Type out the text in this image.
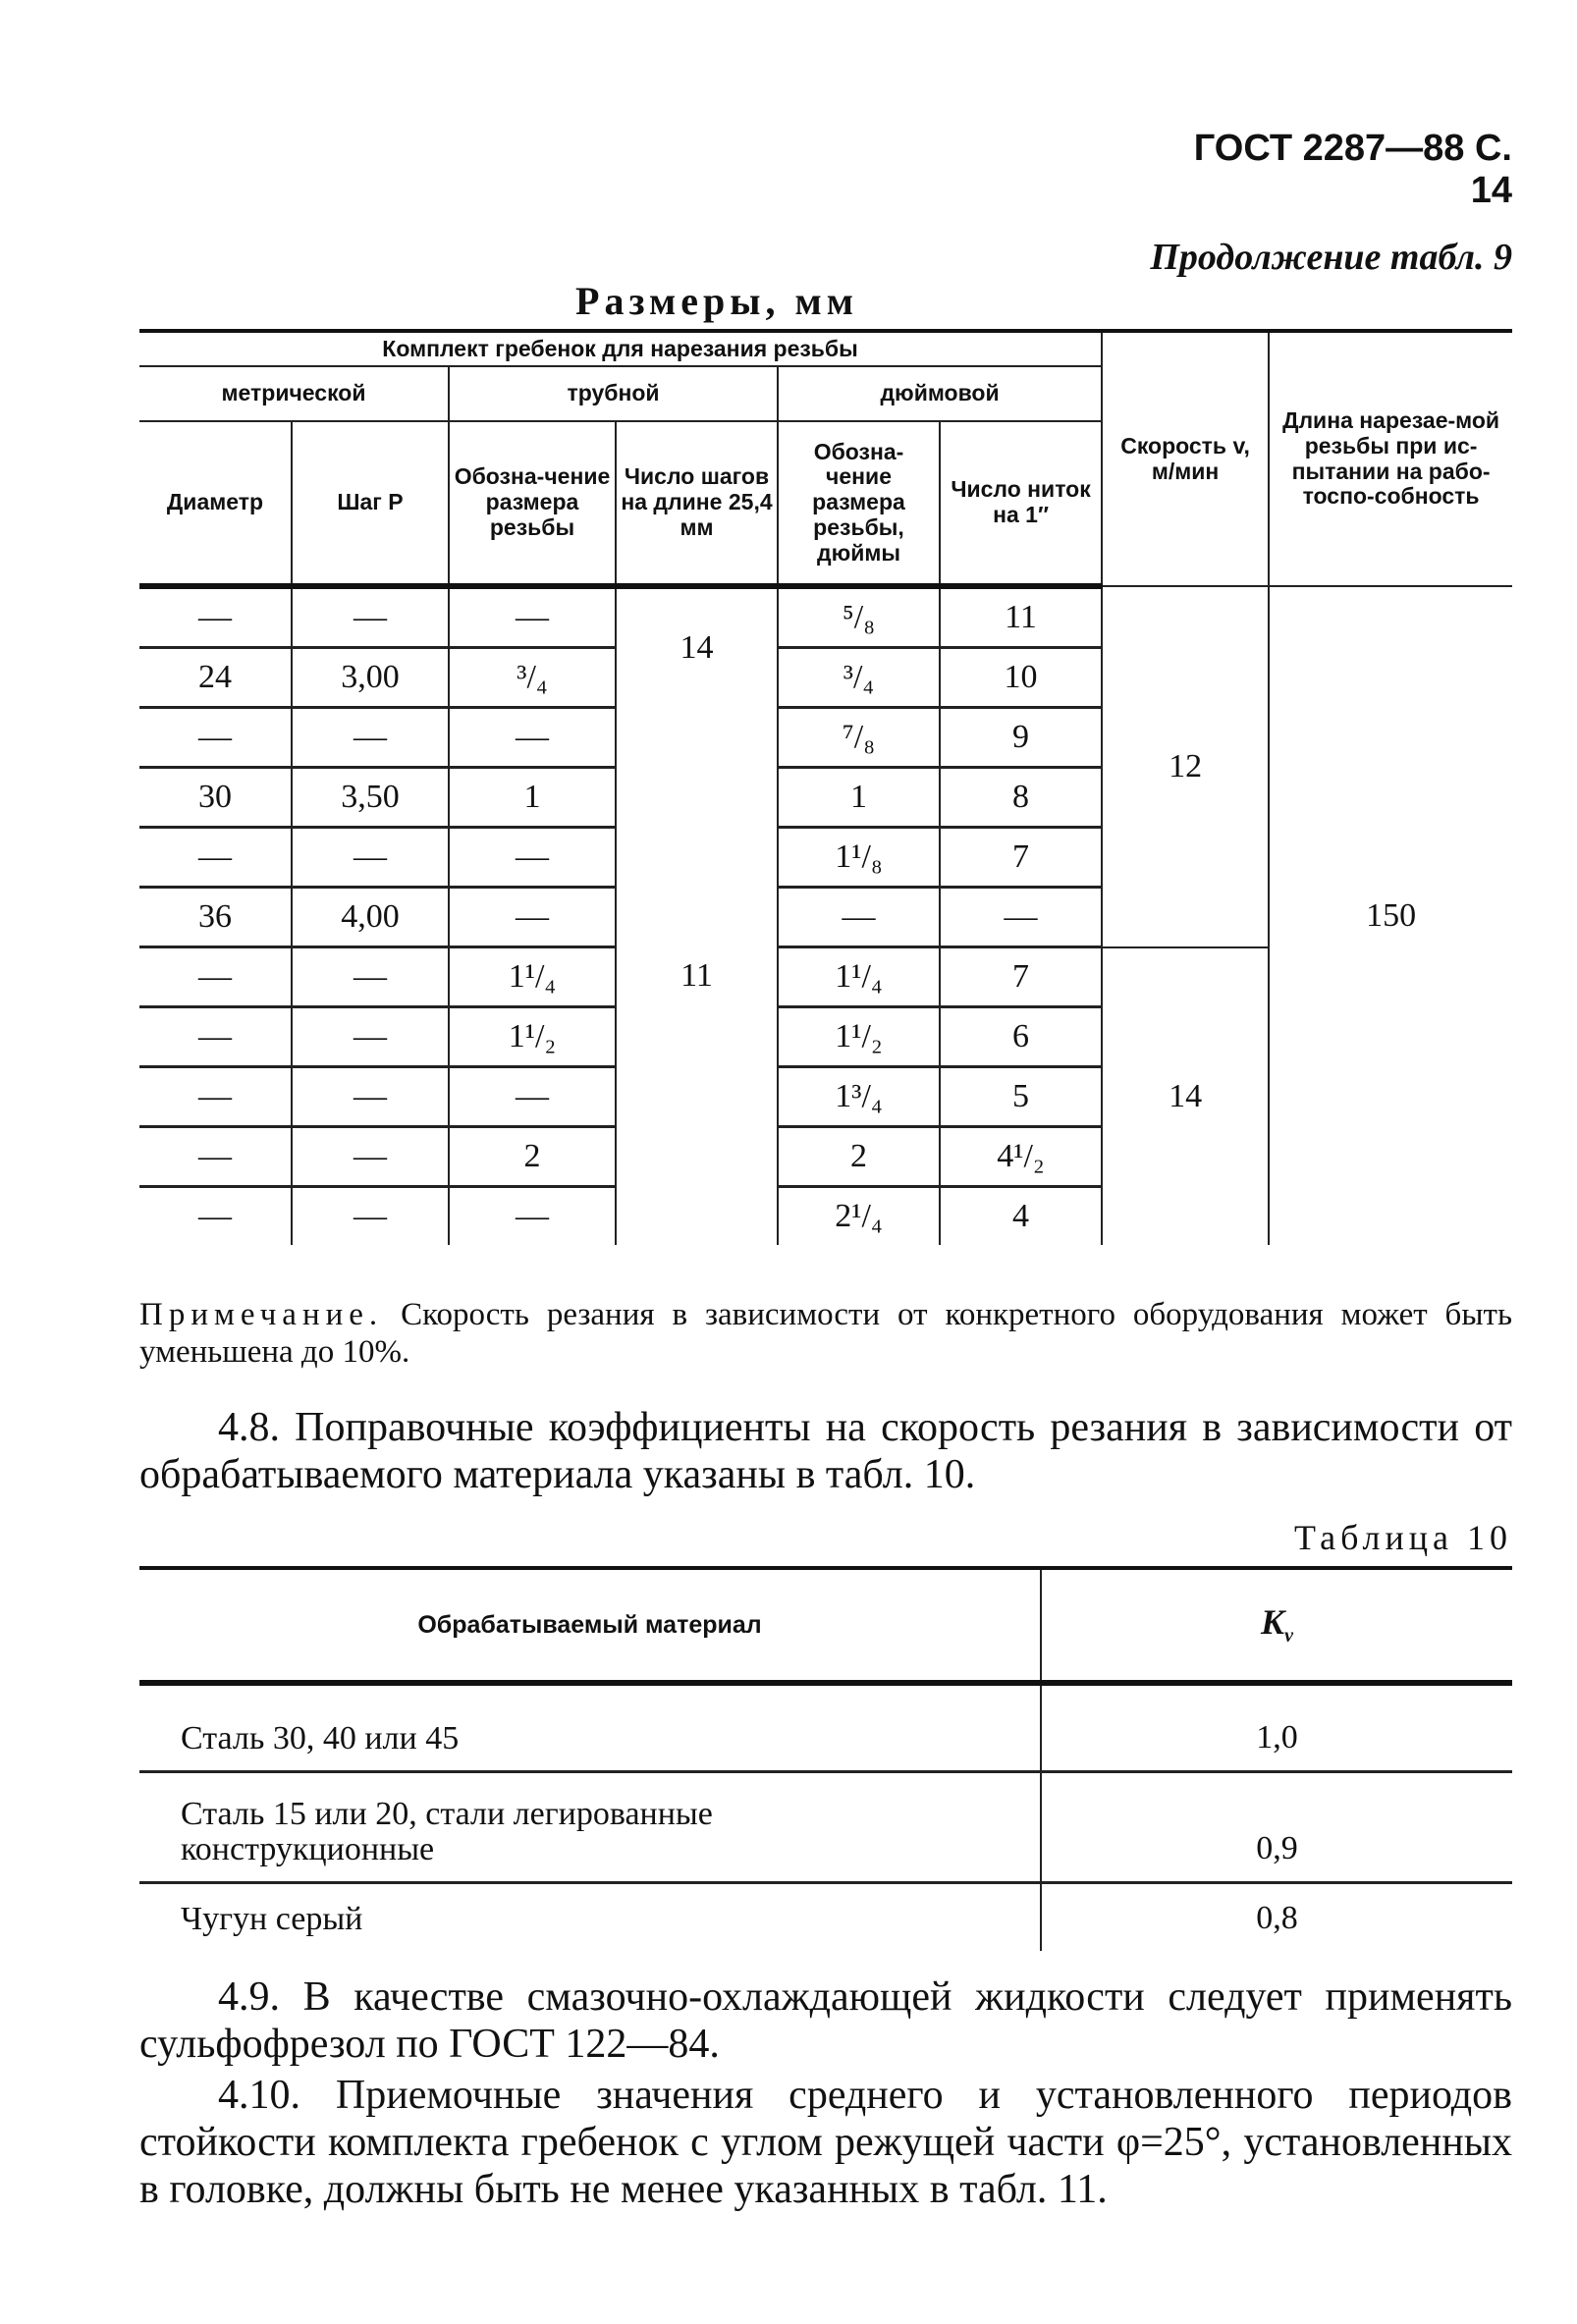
ГОСТ 2287—88 С. 14
Продолжение табл. 9
Размеры, мм
Комплект гребенок для нарезания резьбы						Скорость v, м/мин	Длина нарезае-мой резьбы при ис-пытании на рабо-тоспо-собность
метрической		трубной		дюймовой			
Диаметр	Шаг P	Обозна-чение размера резьбы	Число шагов на длине 25,4 мм	Обозна-чение размера резьбы, дюймы	Число ниток на 1″		
—	—	—	14	⁵/₈	11	12	150
24	3,00	³/₄		³/₄	10		
—	—	—	11	⁷/₈	9		
30	3,50	1		1	8		
—	—	—		1¹/₈	7		
36	4,00	—		—	—		
—	—	1¹/₄		1¹/₄	7	14	
—	—	1¹/₂		1¹/₂	6		
—	—	—		1³/₄	5		
—	—	2		2	4¹/₂		
—	—	—		2¹/₄	4		
Примечание. Скорость резания в зависимости от конкретного оборудования может быть уменьшена до 10%.
4.8. Поправочные коэффициенты на скорость резания в зависимости от обрабатываемого материала указаны в табл. 10.
Таблица 10
Обрабатываемый материал	$K_v$
Сталь 30, 40 или 45	1,0
Сталь 15 или 20, стали легированные конструкционные	0,9
Чугун серый	0,8
4.9. В качестве смазочно-охлаждающей жидкости следует применять сульфофрезол по ГОСТ 122—84.
4.10. Приемочные значения среднего и установленного периодов стойкости комплекта гребенок с углом режущей части φ=25°, установленных в головке, должны быть не менее указанных в табл. 11.
